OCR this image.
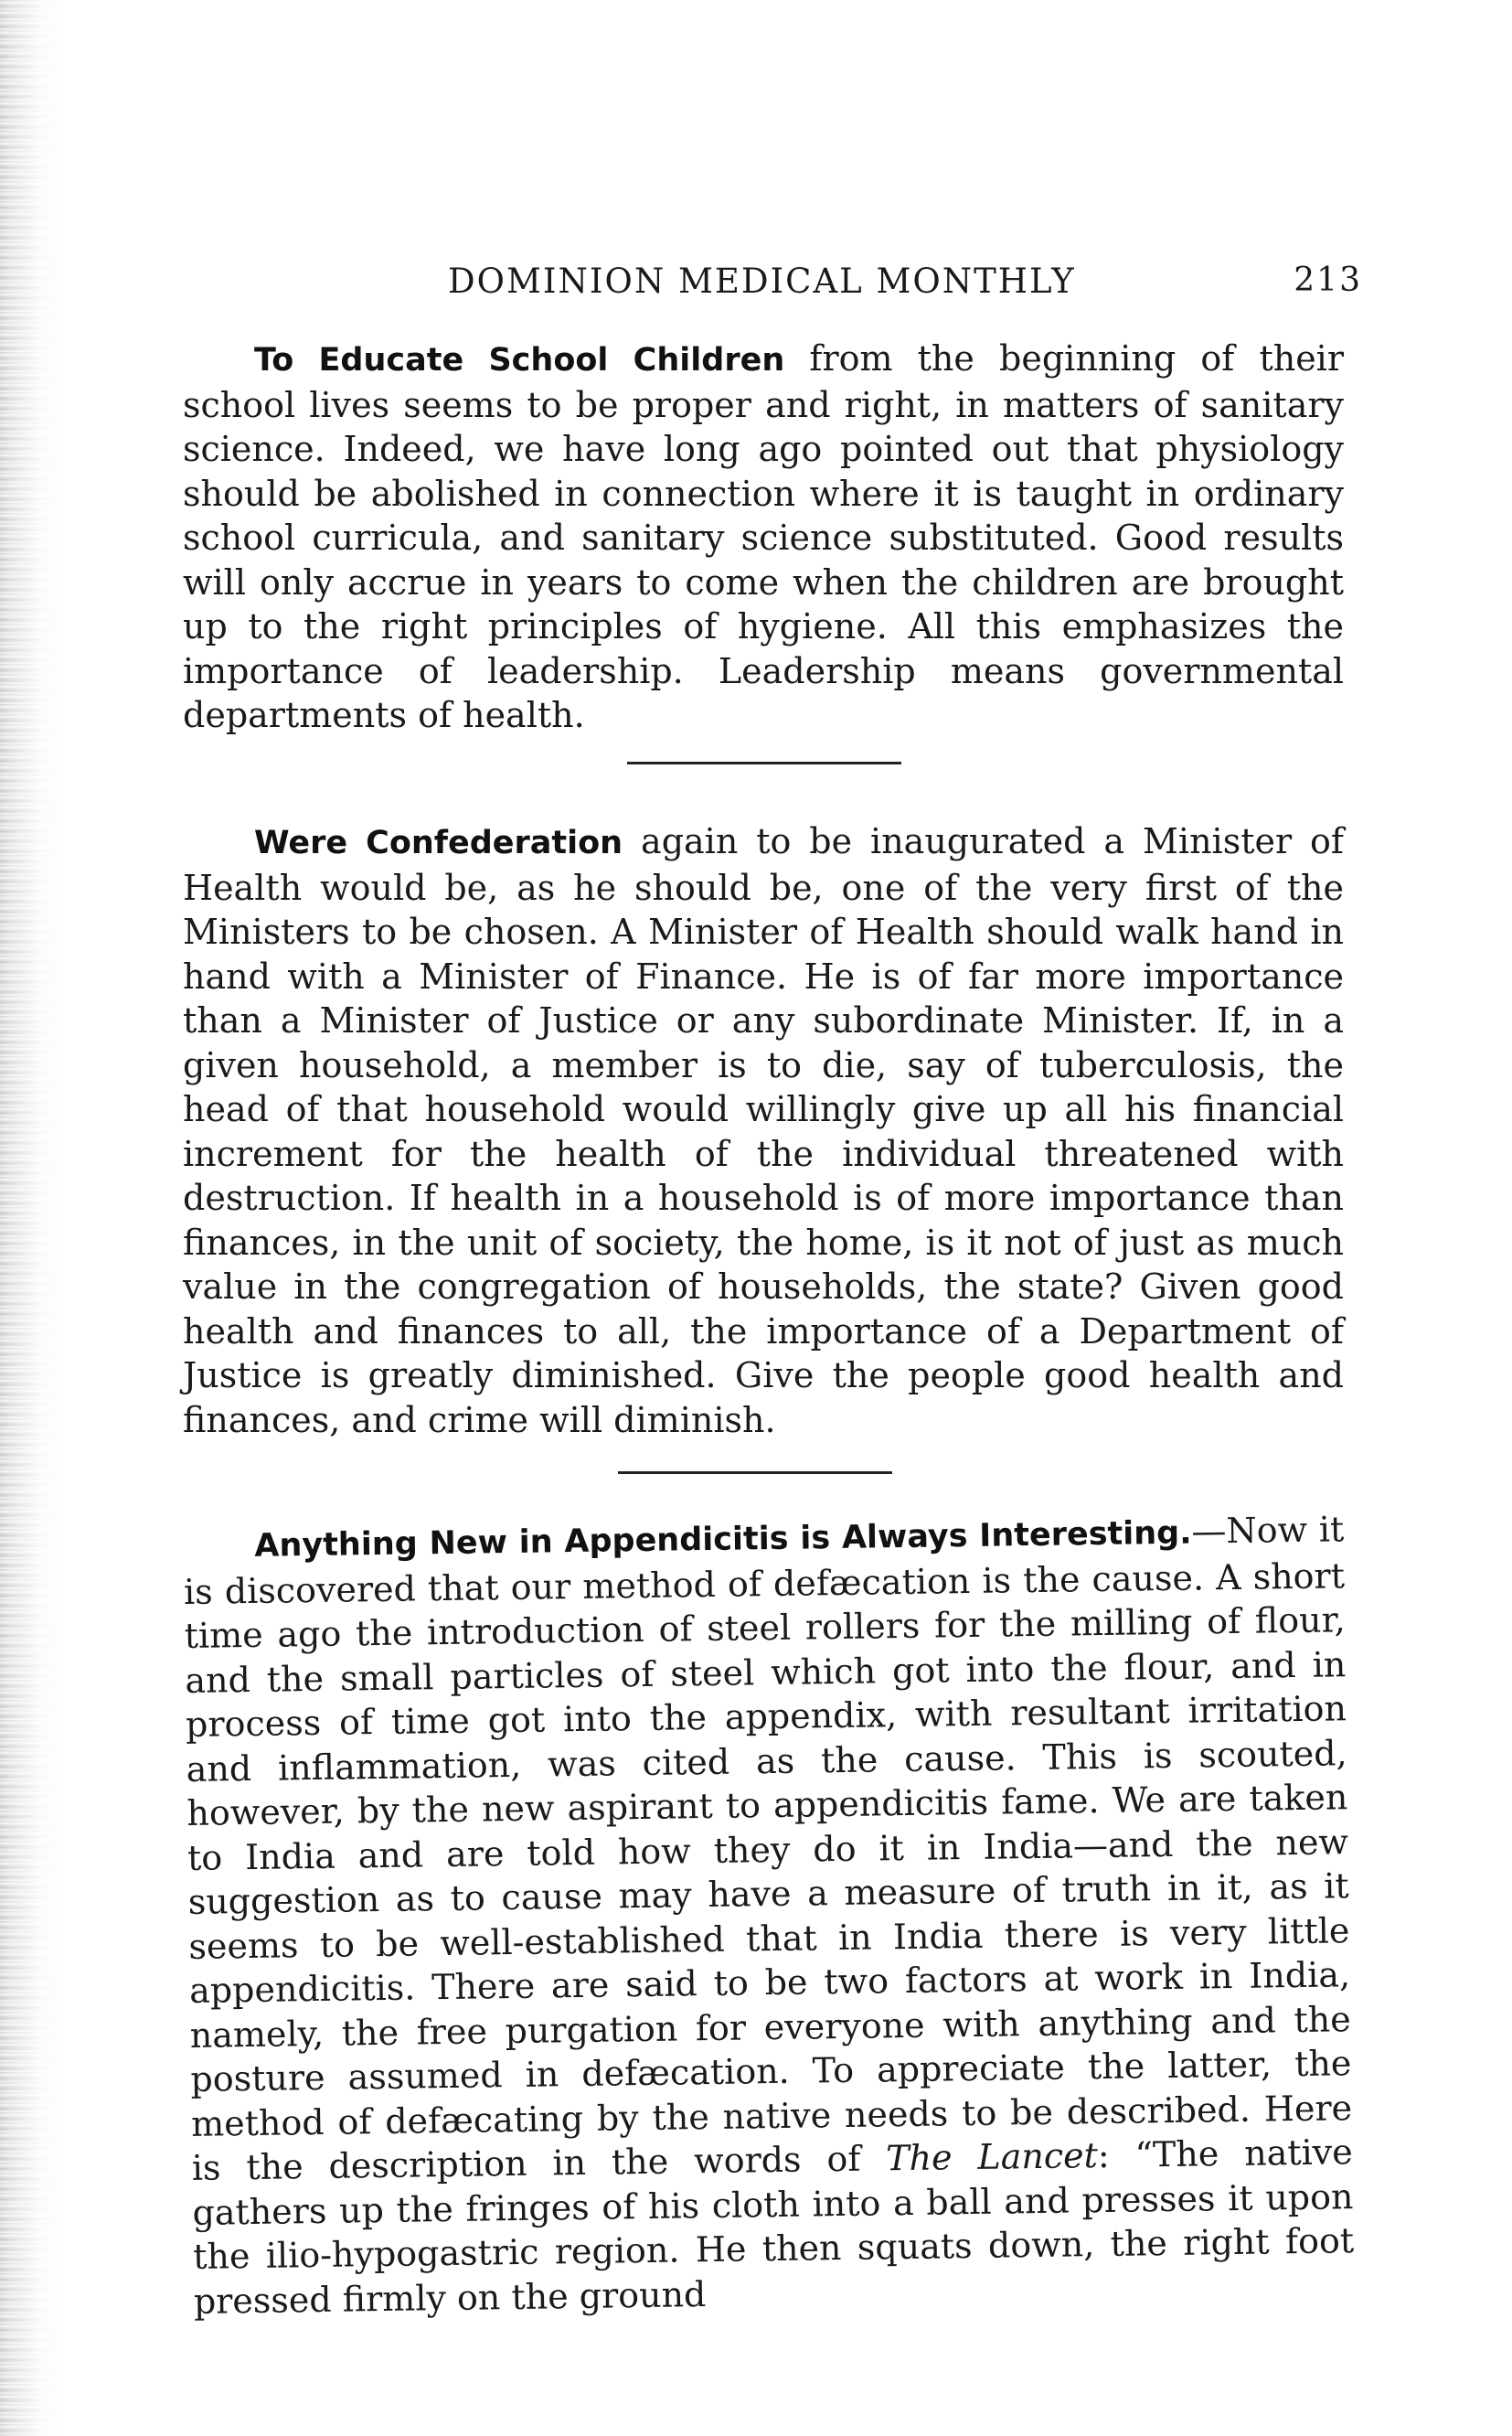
DOMINION MEDICAL MONTHLY	213

To Educate School Children from the beginning of their school lives seems to be proper and right, in matters of sanitary science. Indeed, we have long ago pointed out that physiology should be abolished in connection where it is taught in ordinary school curricula, and sanitary science substituted. Good results will only accrue in years to come when the children are brought up to the right principles of hygiene. All this emphasizes the importance of leadership. Leadership means governmental departments of health.

Were Confederation again to be inaugurated a Minister of Health would be, as he should be, one of the very first of the Ministers to be chosen. A Minister of Health should walk hand in hand with a Minister of Finance. He is of far more importance than a Minister of Justice or any subordinate Minister. If, in a given household, a member is to die, say of tuberculosis, the head of that household would willingly give up all his financial increment for the health of the individual threatened with destruction. If health in a household is of more importance than finances, in the unit of society, the home, is it not of just as much value in the congregation of households, the state? Given good health and finances to all, the importance of a Department of Justice is greatly diminished. Give the people good health and finances, and crime will diminish.

Anything New in Appendicitis is Always Interesting.—Now it is discovered that our method of defæcation is the cause. A short time ago the introduction of steel rollers for the milling of flour, and the small particles of steel which got into the flour, and in process of time got into the appendix, with resultant irritation and inflammation, was cited as the cause. This is scouted, however, by the new aspirant to appendicitis fame. We are taken to India and are told how they do it in India—and the new suggestion as to cause may have a measure of truth in it, as it seems to be well-established that in India there is very little appendicitis. There are said to be two factors at work in India, namely, the free purgation for everyone with anything and the posture assumed in defæcation. To appreciate the latter, the method of defæcating by the native needs to be described. Here is the description in the words of The Lancet: “The native gathers up the fringes of his cloth into a ball and presses it upon the ilio-hypogastric region. He then squats down, the right foot pressed firmly on the ground
